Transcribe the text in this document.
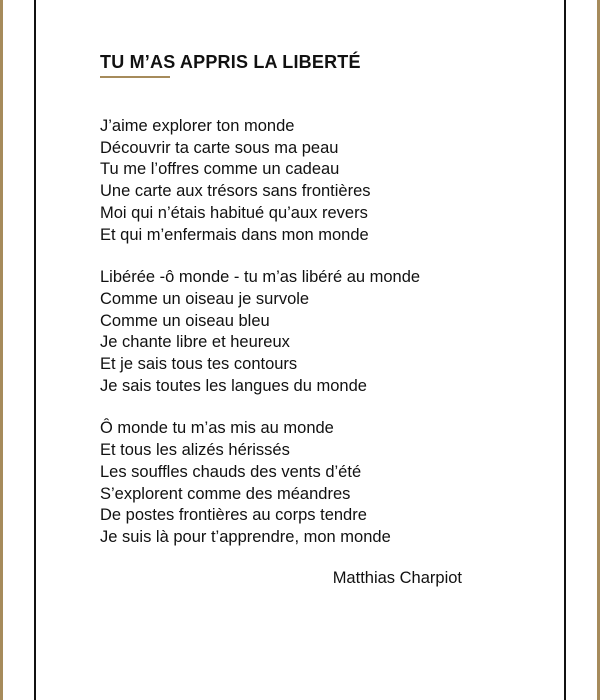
TU M’AS APPRIS LA LIBERTÉ
J’aime explorer ton monde
Découvrir ta carte sous ma peau
Tu me l’offres comme un cadeau
Une carte aux trésors sans frontières
Moi qui n’étais habitué qu’aux revers
Et qui m’enfermais dans mon monde
Libérée -ô monde - tu m’as libéré au monde
Comme un oiseau je survole
Comme un oiseau bleu
Je chante libre et heureux
Et je sais tous tes contours
Je sais toutes les langues du monde
Ô monde tu m’as mis au monde
Et tous les alizés hérissés
Les souffles chauds des vents d’été
S’explorent comme des méandres
De postes frontières au corps tendre
Je suis là pour t’apprendre, mon monde
Matthias Charpiot
